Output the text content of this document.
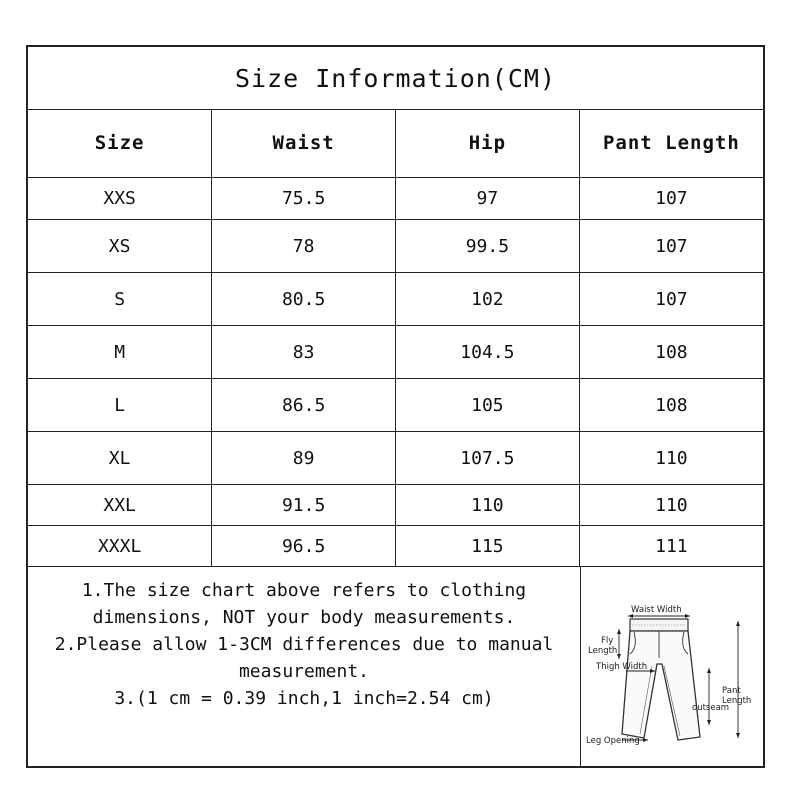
Size Information(CM)
Size	Waist	Hip	Pant Length
XXS	75.5	97	107
XS	78	99.5	107
S	80.5	102	107
M	83	104.5	108
L	86.5	105	108
XL	89	107.5	110
XXL	91.5	110	110
XXXL	96.5	115	111

1.The size chart above refers to clothing

dimensions, NOT your body measurements.

2.Please allow 1-3CM differences due to manual

measurement.

3.(1 cm = 0.39 inch,1 inch=2.54 cm)

Waist Width
Fly
Length
Pant
Length
Thigh Width
outseam
Leg Opening
